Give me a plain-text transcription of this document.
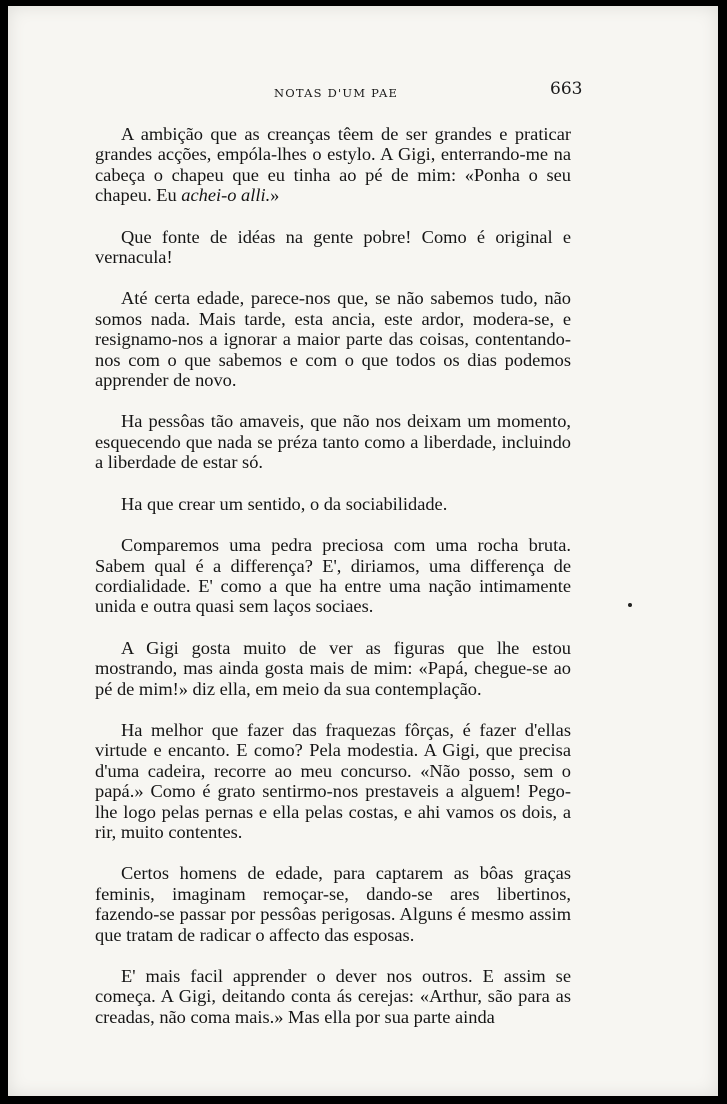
NOTAS D'UM PAE	663

A ambição que as creanças têem de ser grandes e praticar grandes acções, empóla-lhes o estylo. A Gigi, enterrando-me na cabeça o chapeu que eu tinha ao pé de mim: «Ponha o seu chapeu. Eu achei-o alli.»

Que fonte de idéas na gente pobre! Como é original e vernacula!

Até certa edade, parece-nos que, se não sabemos tudo, não somos nada. Mais tarde, esta ancia, este ardor, modera-se, e resignamo-nos a ignorar a maior parte das coisas, contentando-nos com o que sabemos e com o que todos os dias podemos apprender de novo.

Ha pessôas tão amaveis, que não nos deixam um momento, esquecendo que nada se préza tanto como a liberdade, incluindo a liberdade de estar só.

Ha que crear um sentido, o da sociabilidade.

Comparemos uma pedra preciosa com uma rocha bruta. Sabem qual é a differença? E', diriamos, uma differença de cordialidade. E' como a que ha entre uma nação intimamente unida e outra quasi sem laços sociaes.

A Gigi gosta muito de ver as figuras que lhe estou mostrando, mas ainda gosta mais de mim: «Papá, chegue-se ao pé de mim!» diz ella, em meio da sua contemplação.

Ha melhor que fazer das fraquezas fôrças, é fazer d'ellas virtude e encanto. E como? Pela modestia. A Gigi, que precisa d'uma cadeira, recorre ao meu concurso. «Não posso, sem o papá.» Como é grato sentirmo-nos prestaveis a alguem! Pego-lhe logo pelas pernas e ella pelas costas, e ahi vamos os dois, a rir, muito contentes.

Certos homens de edade, para captarem as bôas graças feminis, imaginam remoçar-se, dando-se ares libertinos, fazendo-se passar por pessôas perigosas. Alguns é mesmo assim que tratam de radicar o affecto das esposas.

E' mais facil apprender o dever nos outros. E assim se começa. A Gigi, deitando conta ás cerejas: «Arthur, são para as creadas, não coma mais.» Mas ella por sua parte ainda
